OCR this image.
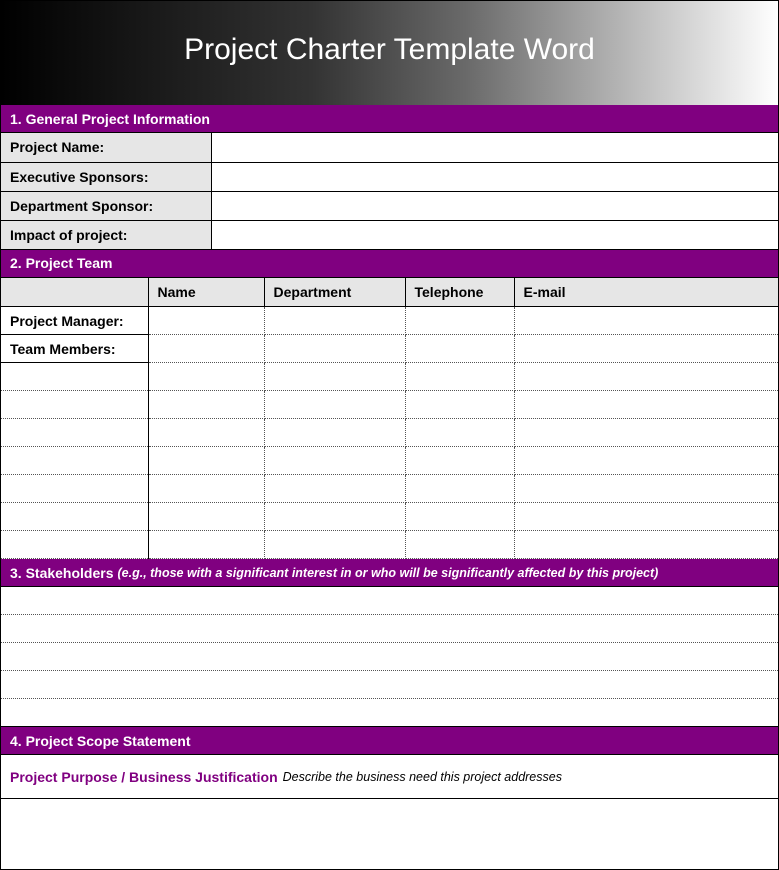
Project Charter Template Word
1. General Project Information
Project Name:	
Executive Sponsors:	
Department Sponsor:	
Impact of project:	
2. Project Team
	Name	Department	Telephone	E-mail
Project Manager:				
Team Members:				

3. Stakeholders (e.g., those with a significant interest in or who will be significantly affected by this project)
4. Project Scope Statement
Project Purpose / Business Justification Describe the business need this project addresses
